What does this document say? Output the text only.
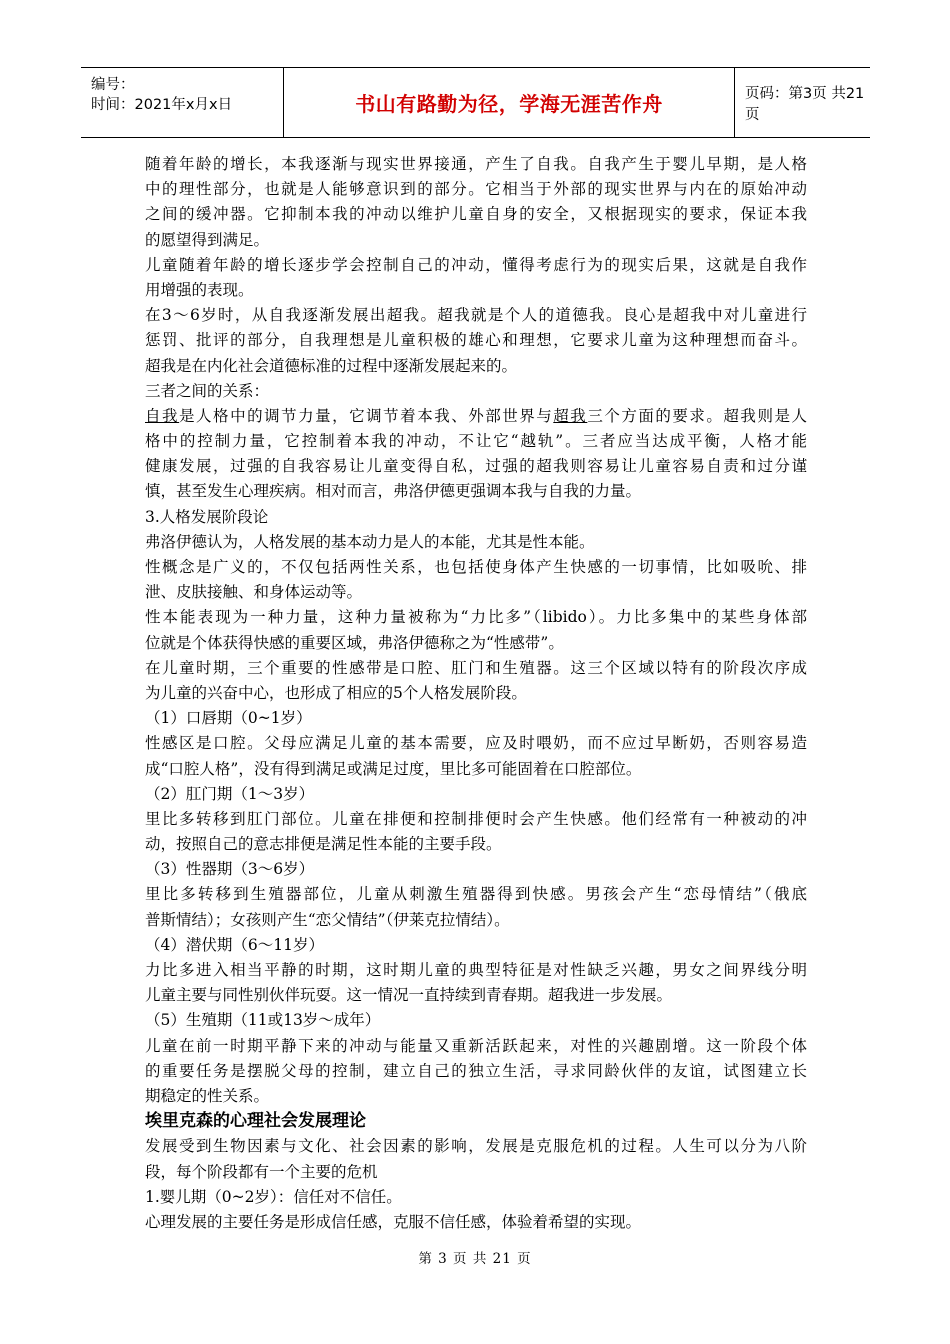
编号：
时间：2021年x月x日	书山有路勤为径，学海无涯苦作舟	页码：第3页 共21页
随着年龄的增长，本我逐渐与现实世界接通，产生了自我。自我产生于婴儿早期，是人格
中的理性部分，也就是人能够意识到的部分。它相当于外部的现实世界与内在的原始冲动
之间的缓冲器。它抑制本我的冲动以维护儿童自身的安全，又根据现实的要求，保证本我
的愿望得到满足。
儿童随着年龄的增长逐步学会控制自己的冲动，懂得考虑行为的现实后果，这就是自我作
用增强的表现。
在3～6岁时，从自我逐渐发展出超我。超我就是个人的道德我。良心是超我中对儿童进行
惩罚、批评的部分，自我理想是儿童积极的雄心和理想，它要求儿童为这种理想而奋斗。
超我是在内化社会道德标准的过程中逐渐发展起来的。
三者之间的关系：
自我是人格中的调节力量，它调节着本我、外部世界与超我三个方面的要求。超我则是人
格中的控制力量，它控制着本我的冲动，不让它“越轨”。三者应当达成平衡，人格才能
健康发展，过强的自我容易让儿童变得自私，过强的超我则容易让儿童容易自责和过分谨
慎，甚至发生心理疾病。相对而言，弗洛伊德更强调本我与自我的力量。
3.人格发展阶段论
弗洛伊德认为，人格发展的基本动力是人的本能，尤其是性本能。
性概念是广义的，不仅包括两性关系，也包括使身体产生快感的一切事情，比如吸吮、排
泄、皮肤接触、和身体运动等。
性本能表现为一种力量，这种力量被称为“力比多”（libido）。力比多集中的某些身体部
位就是个体获得快感的重要区域，弗洛伊德称之为“性感带”。
在儿童时期，三个重要的性感带是口腔、肛门和生殖器。这三个区域以特有的阶段次序成
为儿童的兴奋中心，也形成了相应的5个人格发展阶段。
（1）口唇期（0~1岁）
性感区是口腔。父母应满足儿童的基本需要，应及时喂奶，而不应过早断奶，否则容易造
成“口腔人格”，没有得到满足或满足过度，里比多可能固着在口腔部位。
（2）肛门期（1～3岁）
里比多转移到肛门部位。儿童在排便和控制排便时会产生快感。他们经常有一种被动的冲
动，按照自己的意志排便是满足性本能的主要手段。
（3）性器期（3～6岁）
里比多转移到生殖器部位，儿童从刺激生殖器得到快感。男孩会产生“恋母情结”（俄底
普斯情结）；女孩则产生“恋父情结”（伊莱克拉情结）。
（4）潜伏期（6～11岁）
力比多进入相当平静的时期，这时期儿童的典型特征是对性缺乏兴趣，男女之间界线分明
儿童主要与同性别伙伴玩耍。这一情况一直持续到青春期。超我进一步发展。
（5）生殖期（11或13岁～成年）
儿童在前一时期平静下来的冲动与能量又重新活跃起来，对性的兴趣剧增。这一阶段个体
的重要任务是摆脱父母的控制，建立自己的独立生活，寻求同龄伙伴的友谊，试图建立长
期稳定的性关系。
埃里克森的心理社会发展理论
发展受到生物因素与文化、社会因素的影响，发展是克服危机的过程。人生可以分为八阶
段，每个阶段都有一个主要的危机
1.婴儿期（0~2岁）：信任对不信任。
心理发展的主要任务是形成信任感，克服不信任感，体验着希望的实现。
第 3 页 共 21 页
